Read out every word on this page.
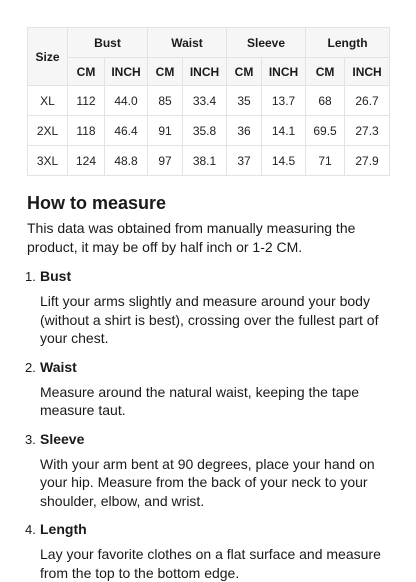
Size	Bust		Waist		Sleeve		Length	
	CM	INCH	CM	INCH	CM	INCH	CM	INCH
XL	112	44.0	85	33.4	35	13.7	68	26.7
2XL	118	46.4	91	35.8	36	14.1	69.5	27.3
3XL	124	48.8	97	38.1	37	14.5	71	27.9
How to measure

This data was obtained from manually measuring the product, it may be off by half inch or 1-2 CM.

1. Bust
Lift your arms slightly and measure around your body (without a shirt is best), crossing over the fullest part of your chest.
2. Waist
Measure around the natural waist, keeping the tape measure taut.
3. Sleeve
With your arm bent at 90 degrees, place your hand on your hip. Measure from the back of your neck to your shoulder, elbow, and wrist.
4. Length
Lay your favorite clothes on a flat surface and measure from the top to the bottom edge.
